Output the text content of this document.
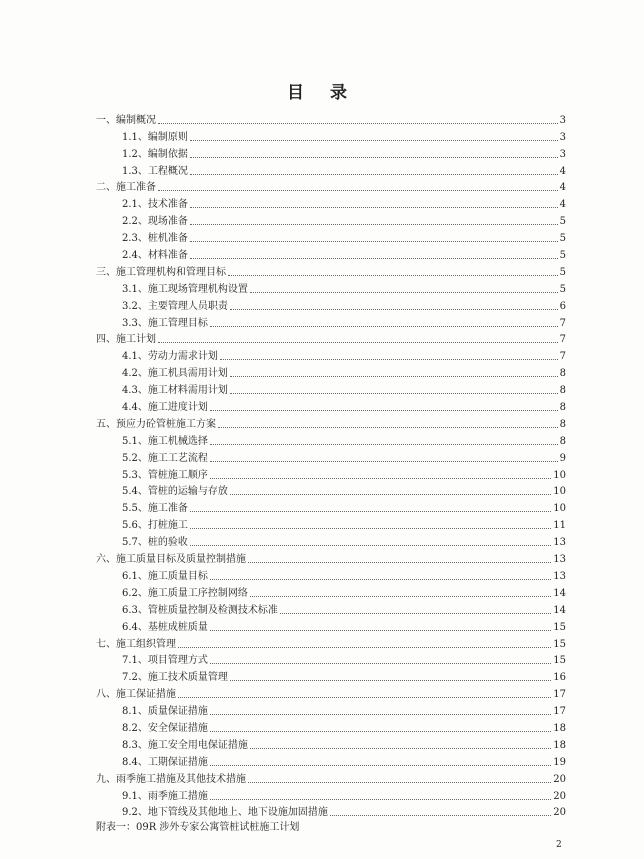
目 录
一、编制概况	3
1.1、编制原则	3
1.2、编制依据	3
1.3、工程概况	4
二、施工准备	4
2.1、技术准备	4
2.2、现场准备	5
2.3、桩机准备	5
2.4、材料准备	5
三、施工管理机构和管理目标	5
3.1、施工现场管理机构设置	5
3.2、主要管理人员职责	6
3.3、施工管理目标	7
四、施工计划	7
4.1、劳动力需求计划	7
4.2、施工机具需用计划	8
4.3、施工材料需用计划	8
4.4、施工进度计划	8
五、预应力砼管桩施工方案	8
5.1、施工机械选择	8
5.2、施工工艺流程	9
5.3、管桩施工顺序	10
5.4、管桩的运输与存放	10
5.5、施工准备	10
5.6、打桩施工	11
5.7、桩的验收	13
六、施工质量目标及质量控制措施	13
6.1、施工质量目标	13
6.2、施工质量工序控制网络	14
6.3、管桩质量控制及检测技术标准	14
6.4、基桩成桩质量	15
七、施工组织管理	15
7.1、项目管理方式	15
7.2、施工技术质量管理	16
八、施工保证措施	17
8.1、质量保证措施	17
8.2、安全保证措施	18
8.3、施工安全用电保证措施	18
8.4、工期保证措施	19
九、雨季施工措施及其他技术措施	20
9.1、雨季施工措施	20
9.2、地下管线及其他地上、地下设施加固措施	20
附表一：09R 涉外专家公寓管桩试桩施工计划
2
